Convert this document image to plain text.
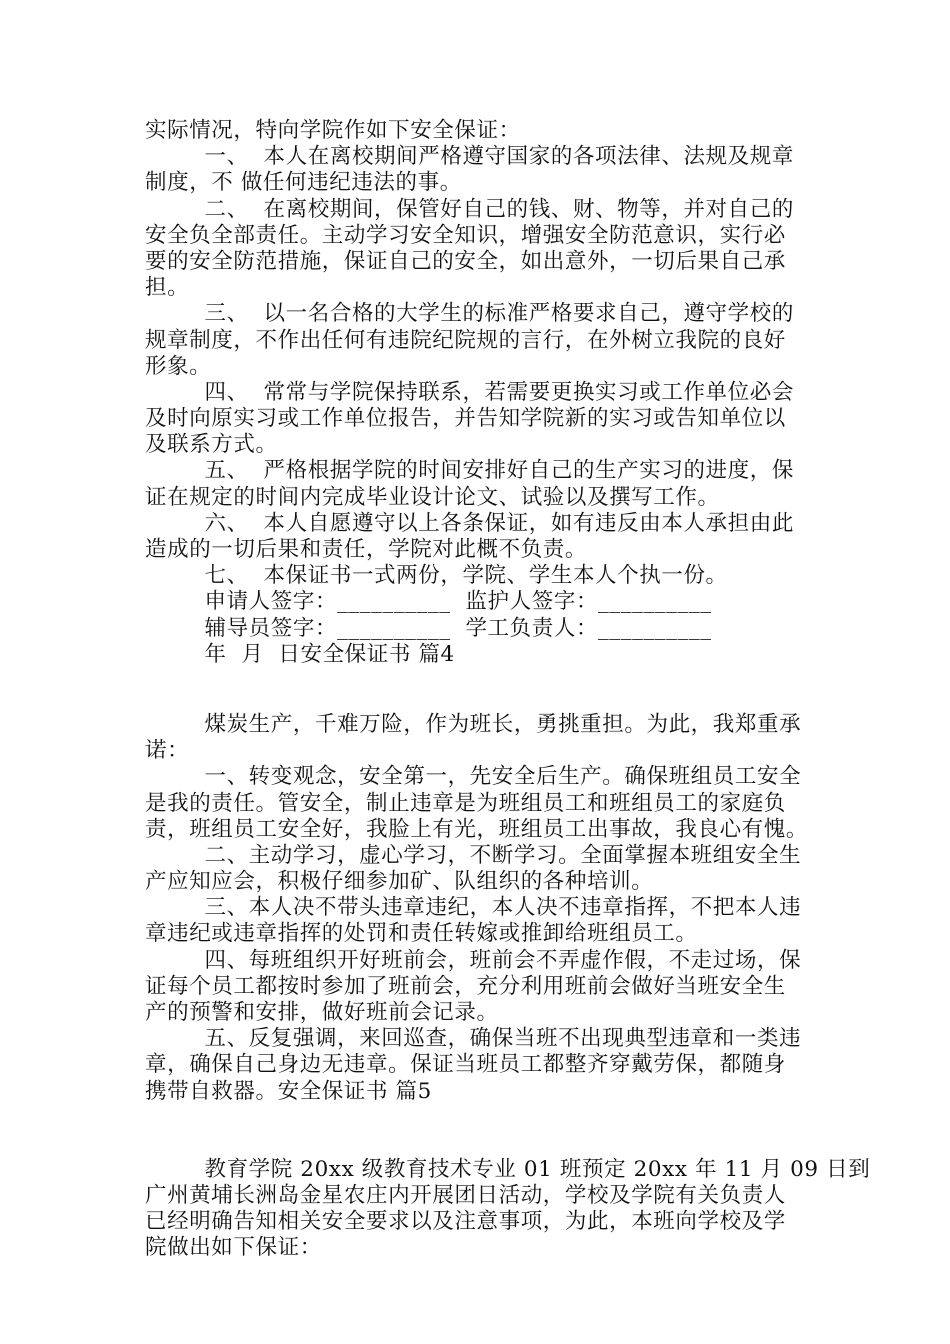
实际情况，特向学院作如下安全保证：
一、  本人在离校期间严格遵守国家的各项法律、法规及规章
制度，不 做任何违纪违法的事。
二、  在离校期间，保管好自己的钱、财、物等，并对自己的
安全负全部责任。主动学习安全知识，增强安全防范意识，实行必
要的安全防范措施，保证自己的安全，如出意外，一切后果自己承
担。
三、  以一名合格的大学生的标准严格要求自己，遵守学校的
规章制度，不作出任何有违院纪院规的言行，在外树立我院的良好
形象。
四、  常常与学院保持联系，若需要更换实习或工作单位必会
及时向原实习或工作单位报告，并告知学院新的实习或告知单位以
及联系方式。
五、  严格根据学院的时间安排好自己的生产实习的进度，保
证在规定的时间内完成毕业设计论文、试验以及撰写工作。
六、  本人自愿遵守以上各条保证，如有违反由本人承担由此
造成的一切后果和责任，学院对此概不负责。
七、  本保证书一式两份，学院、学生本人个执一份。
申请人签字：__________  监护人签字：__________
辅导员签字：__________  学工负责人：__________
年  月  日安全保证书 篇4
煤炭生产，千难万险，作为班长，勇挑重担。为此，我郑重承
诺：
一、转变观念，安全第一，先安全后生产。确保班组员工安全
是我的责任。管安全，制止违章是为班组员工和班组员工的家庭负
责，班组员工安全好，我脸上有光，班组员工出事故，我良心有愧。
二、主动学习，虚心学习，不断学习。全面掌握本班组安全生
产应知应会，积极仔细参加矿、队组织的各种培训。
三、本人决不带头违章违纪，本人决不违章指挥，不把本人违
章违纪或违章指挥的处罚和责任转嫁或推卸给班组员工。
四、每班组织开好班前会，班前会不弄虚作假，不走过场，保
证每个员工都按时参加了班前会，充分利用班前会做好当班安全生
产的预警和安排，做好班前会记录。
五、反复强调，来回巡查，确保当班不出现典型违章和一类违
章，确保自己身边无违章。保证当班员工都整齐穿戴劳保，都随身
携带自救器。安全保证书 篇5
教育学院 20xx 级教育技术专业 01 班预定 20xx 年 11 月 09 日到
广州黄埔长洲岛金星农庄内开展团日活动，学校及学院有关负责人
已经明确告知相关安全要求以及注意事项，为此，本班向学校及学
院做出如下保证：
